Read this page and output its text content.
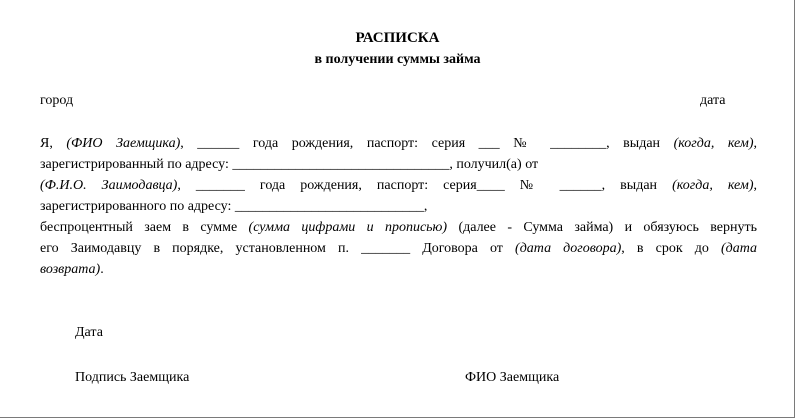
РАСПИСКА
в получении суммы займа
город	дата
Я, (ФИО Заемщика), ______ года рождения, паспорт: серия ___ № ________, выдан (когда, кем),
зарегистрированный по адресу: _______________________________, получил(а) от
(Ф.И.О. Заимодавца), _______ года рождения, паспорт: серия____ № ______, выдан (когда, кем),
зарегистрированного по адресу: ___________________________,
беспроцентный заем в сумме (сумма цифрами и прописью) (далее - Сумма займа) и обязуюсь вернуть
его Заимодавцу в порядке, установленном п. _______ Договора от (дата договора), в срок до (дата
возврата).
Дата
Подпись Заемщика	ФИО Заемщика
